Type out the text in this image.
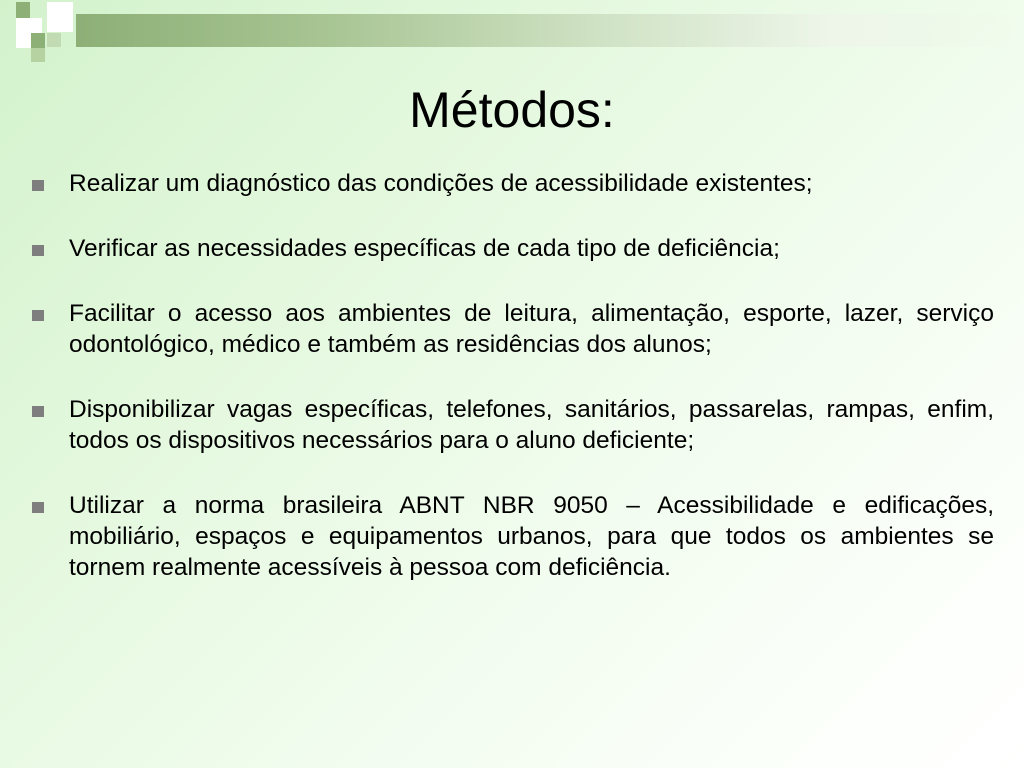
Métodos:
Realizar um diagnóstico das condições de acessibilidade existentes;
Verificar as necessidades específicas de cada tipo de deficiência;
Facilitar o acesso aos ambientes de leitura, alimentação, esporte, lazer, serviço odontológico, médico e também as residências dos alunos;
Disponibilizar vagas específicas, telefones, sanitários, passarelas, rampas, enfim, todos os dispositivos necessários para o aluno deficiente;
Utilizar a norma brasileira ABNT NBR 9050 – Acessibilidade e edificações, mobiliário, espaços e equipamentos urbanos, para que todos os ambientes se tornem realmente acessíveis à pessoa com deficiência.
